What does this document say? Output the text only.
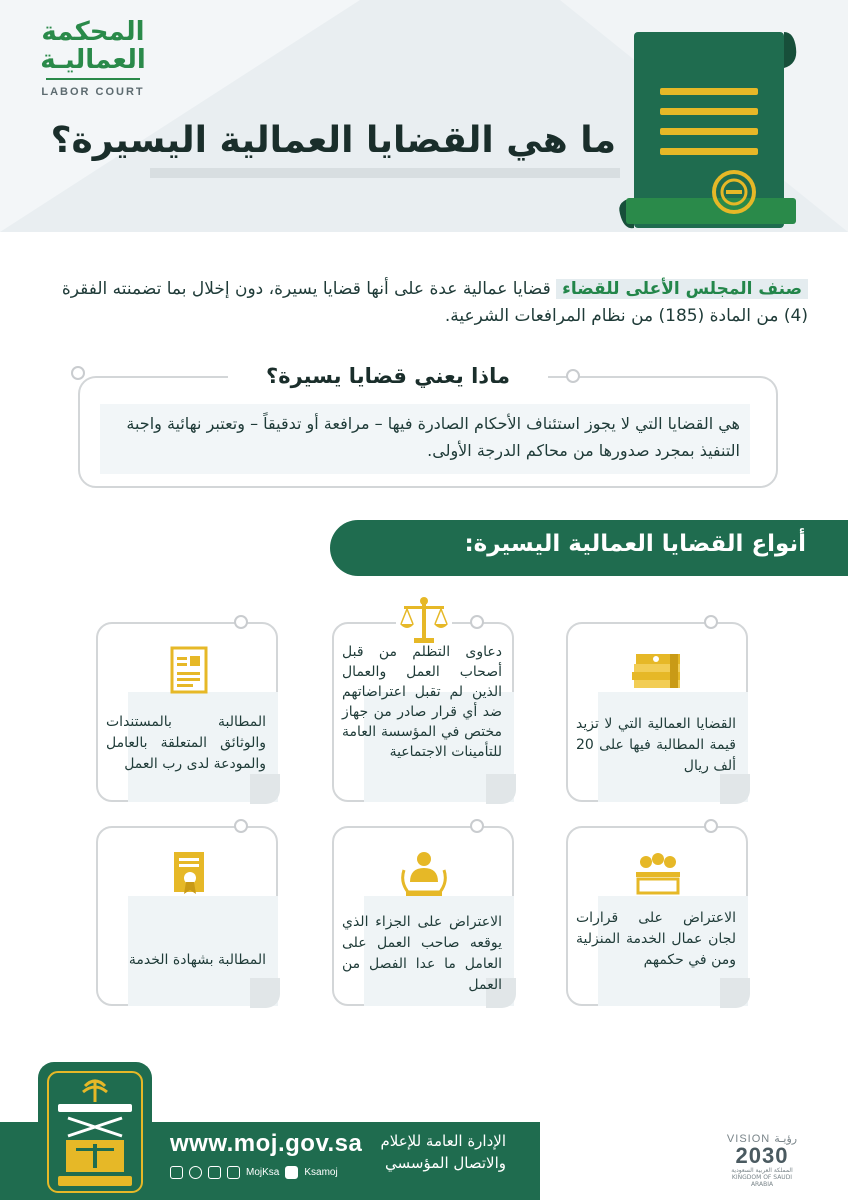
المحكمة
العماليـة
LABOR COURT
ما هي القضايا العمالية اليسيرة؟

صنف المجلس الأعلى للقضاء قضايا عمالية عدة على أنها قضايا يسيرة، دون إخلال بما تضمنته الفقرة (4) من المادة (185) من نظام المرافعات الشرعية.

ماذا يعني قضايا يسيرة؟

هي القضايا التي لا يجوز استئناف الأحكام الصادرة فيها – مرافعة أو تدقيقاً – وتعتبر نهائية واجبة التنفيذ بمجرد صدورها من محاكم الدرجة الأولى.

أنواع القضايا العمالية اليسيرة:
القضايا العمالية التي لا تزيد قيمة المطالبة فيها على 20 ألف ريال
دعاوى التظلم من قبل أصحاب العمل والعمال الذين لم تقبل اعتراضاتهم ضد أي قرار صادر من جهاز مختص في المؤسسة العامة للتأمينات الاجتماعية
المطالبة بالمستندات والوثائق المتعلقة بالعامل والمودعة لدى رب العمل
الاعتراض على قرارات لجان عمال الخدمة المنزلية ومن في حكمهم
الاعتراض على الجزاء الذي يوقعه صاحب العمل على العامل ما عدا الفصل من العمل
المطالبة بشهادة الخدمة
www.moj.gov.sa
MojKsa	Ksamoj
الإدارة العامة للإعلام والاتصال المؤسسي
VISION رؤيـة
2030
المملكة العربية السعودية KINGDOM OF SAUDI ARABIA
